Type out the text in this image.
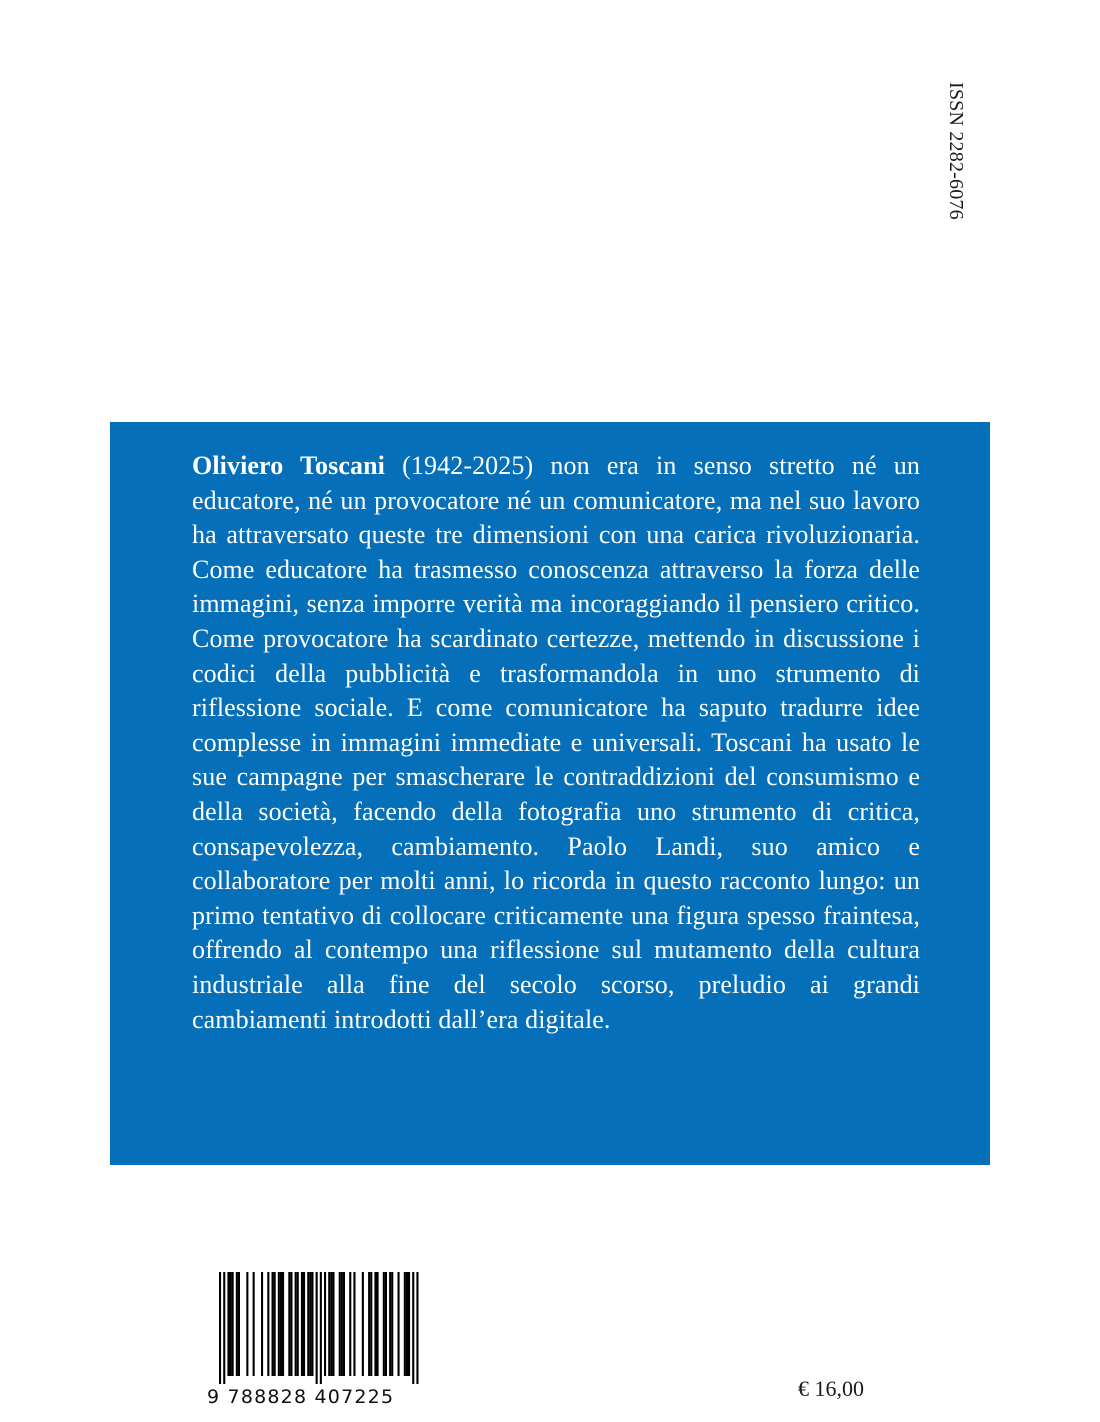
ISSN 2282-6076

Oliviero Toscani (1942-2025) non era in senso stretto né un educatore, né un provocatore né un comunicatore, ma nel suo lavoro ha attraversato queste tre dimensioni con una carica rivoluzionaria. Come educatore ha trasmesso conoscenza attraverso la forza delle immagini, senza imporre verità ma incoraggiando il pensiero critico. Come provocatore ha scardinato certezze, mettendo in discussione i codici della pubblicità e trasformandola in uno strumento di riflessione sociale. E come comunicatore ha saputo tradurre idee complesse in immagini immediate e universali. Toscani ha usato le sue campagne per smascherare le contraddizioni del consumismo e della società, facendo della fotografia uno strumento di critica, consapevolezza, cambiamento. Paolo Landi, suo amico e collaboratore per molti anni, lo ricorda in questo racconto lungo: un primo tentativo di collocare criticamente una figura spesso fraintesa, offrendo al contempo una riflessione sul mutamento della cultura industriale alla fine del secolo scorso, preludio ai grandi cambiamenti introdotti dall’era digitale.

9 788828 407225	€ 16,00
